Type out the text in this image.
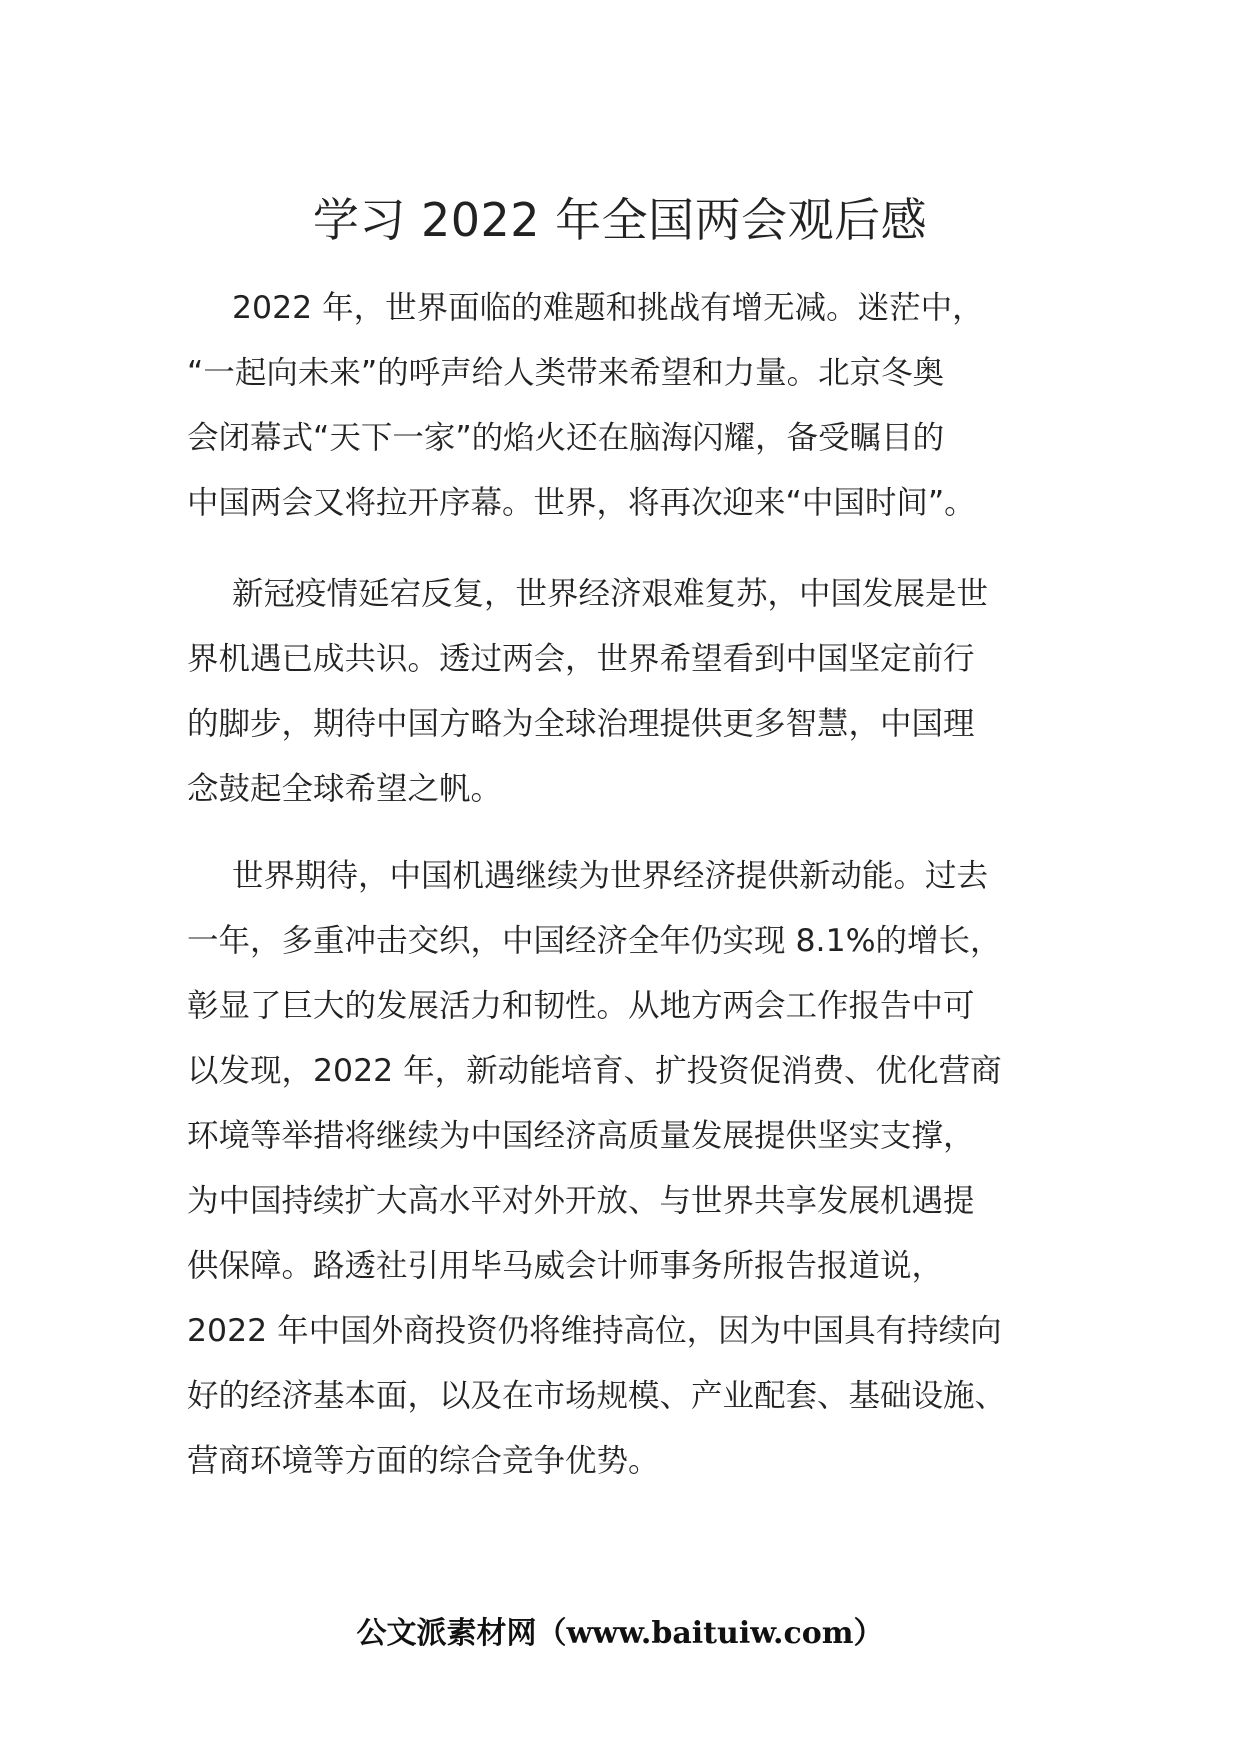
学习 2022 年全国两会观后感
2022 年，世界面临的难题和挑战有增无减。迷茫中，
“一起向未来”的呼声给人类带来希望和力量。北京冬奥
会闭幕式“天下一家”的焰火还在脑海闪耀，备受瞩目的
中国两会又将拉开序幕。世界，将再次迎来“中国时间”。
新冠疫情延宕反复，世界经济艰难复苏，中国发展是世
界机遇已成共识。透过两会，世界希望看到中国坚定前行
的脚步，期待中国方略为全球治理提供更多智慧，中国理
念鼓起全球希望之帆。
世界期待，中国机遇继续为世界经济提供新动能。过去
一年，多重冲击交织，中国经济全年仍实现 8.1%的增长，
彰显了巨大的发展活力和韧性。从地方两会工作报告中可
以发现，2022 年，新动能培育、扩投资促消费、优化营商
环境等举措将继续为中国经济高质量发展提供坚实支撑，
为中国持续扩大高水平对外开放、与世界共享发展机遇提
供保障。路透社引用毕马威会计师事务所报告报道说，
2022 年中国外商投资仍将维持高位，因为中国具有持续向
好的经济基本面，以及在市场规模、产业配套、基础设施、
营商环境等方面的综合竞争优势。
公文派素材网（www.baituiw.com）
